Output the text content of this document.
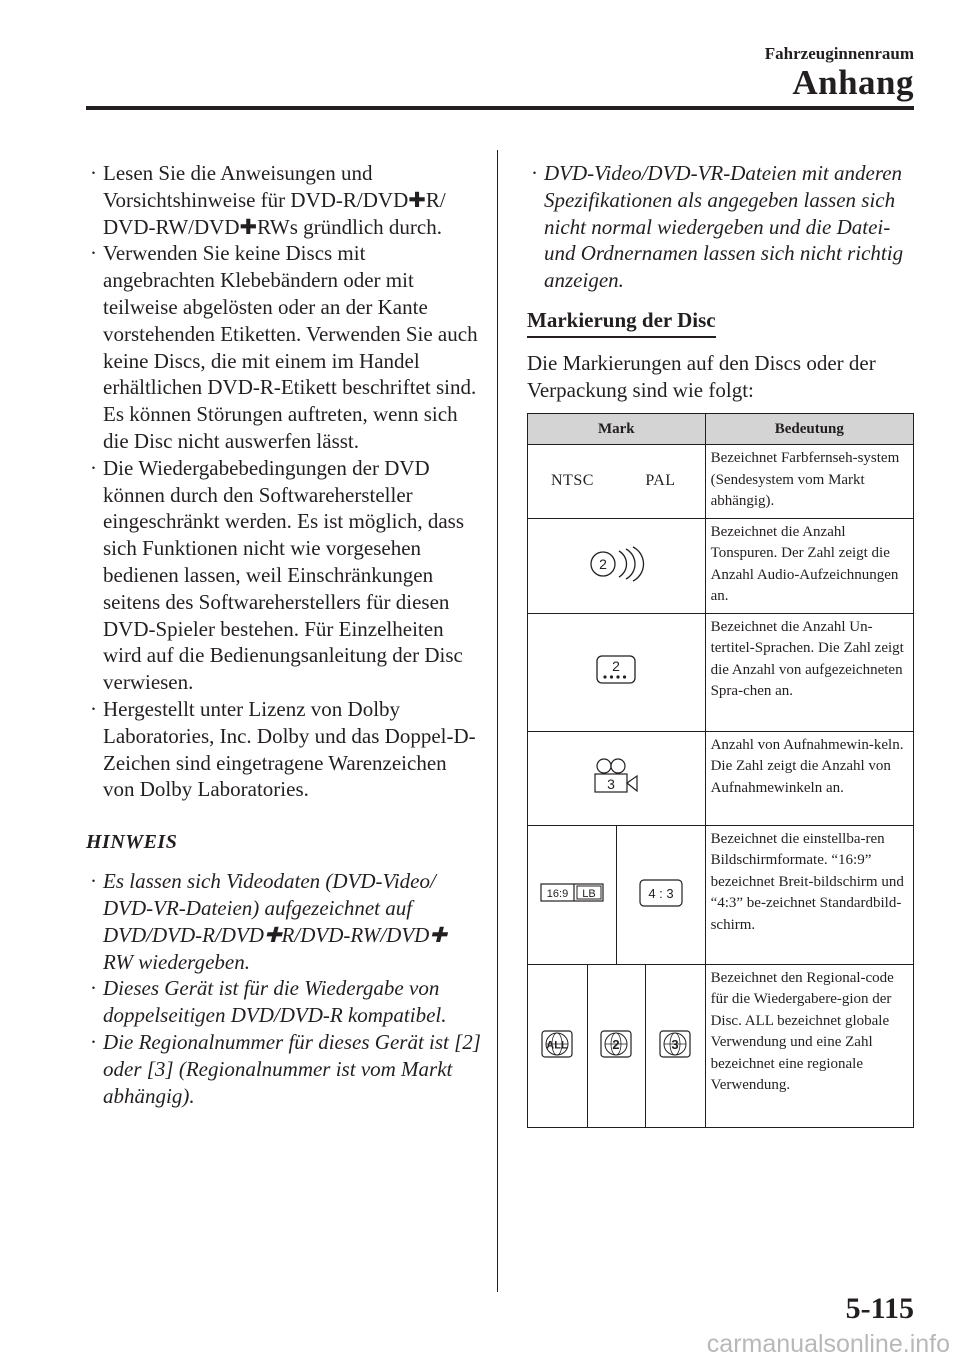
Fahrzeuginnenraum
Anhang
· Lesen Sie die Anweisungen und Vorsichtshinweise für DVD-R/DVD✚R/ DVD-RW/DVD✚RWs gründlich durch.
· Verwenden Sie keine Discs mit angebrachten Klebebändern oder mit teilweise abgelösten oder an der Kante vorstehenden Etiketten. Verwenden Sie auch keine Discs, die mit einem im Handel erhältlichen DVD-R-Etikett beschriftet sind. Es können Störungen auftreten, wenn sich die Disc nicht auswerfen lässt.
· Die Wiedergabebedingungen der DVD können durch den Softwarehersteller eingeschränkt werden. Es ist möglich, dass sich Funktionen nicht wie vorgesehen bedienen lassen, weil Einschränkungen seitens des Softwareherstellers für diesen DVD-Spieler bestehen. Für Einzelheiten wird auf die Bedienungsanleitung der Disc verwiesen.
· Hergestellt unter Lizenz von Dolby Laboratories, Inc. Dolby und das Doppel-D-Zeichen sind eingetragene Warenzeichen von Dolby Laboratories.
HINWEIS
· Es lassen sich Videodaten (DVD-Video/ DVD-VR-Dateien) aufgezeichnet auf DVD/DVD-R/DVD✚R/DVD-RW/DVD✚ RW wiedergeben.
· Dieses Gerät ist für die Wiedergabe von doppelseitigen DVD/DVD-R kompatibel.
· Die Regionalnummer für dieses Gerät ist [2] oder [3] (Regionalnummer ist vom Markt abhängig).
· DVD-Video/DVD-VR-Dateien mit anderen Spezifikationen als angegeben lassen sich nicht normal wiedergeben und die Datei- und Ordnernamen lassen sich nicht richtig anzeigen.
Markierung der Disc
Die Markierungen auf den Discs oder der Verpackung sind wie folgt:
Mark				Bedeutung

NTSC PAL				Bezeichnet Farbfernseh-system (Sendesystem vom Markt abhängig).

2				Bezeichnet die Anzahl Tonspuren. Der Zahl zeigt die Anzahl Audio-Aufzeichnungen an.

2				Bezeichnet die Anzahl Un-tertitel-Sprachen. Die Zahl zeigt die Anzahl von aufgezeichneten Spra-chen an.

3				Anzahl von Aufnahmewin-keln. Die Zahl zeigt die Anzahl von Aufnahmewinkeln an.

16:9 LB		4 : 3		Bezeichnet die einstellba-ren Bildschirmformate. “16:9” bezeichnet Breit-bildschirm und “4:3” be-zeichnet Standardbild-schirm.

ALL	2		3	Bezeichnet den Regional-code für die Wiedergabere-gion der Disc. ALL bezeichnet globale Verwendung und eine Zahl bezeichnet eine regionale Verwendung.
5-115
carmanualsonline.info
